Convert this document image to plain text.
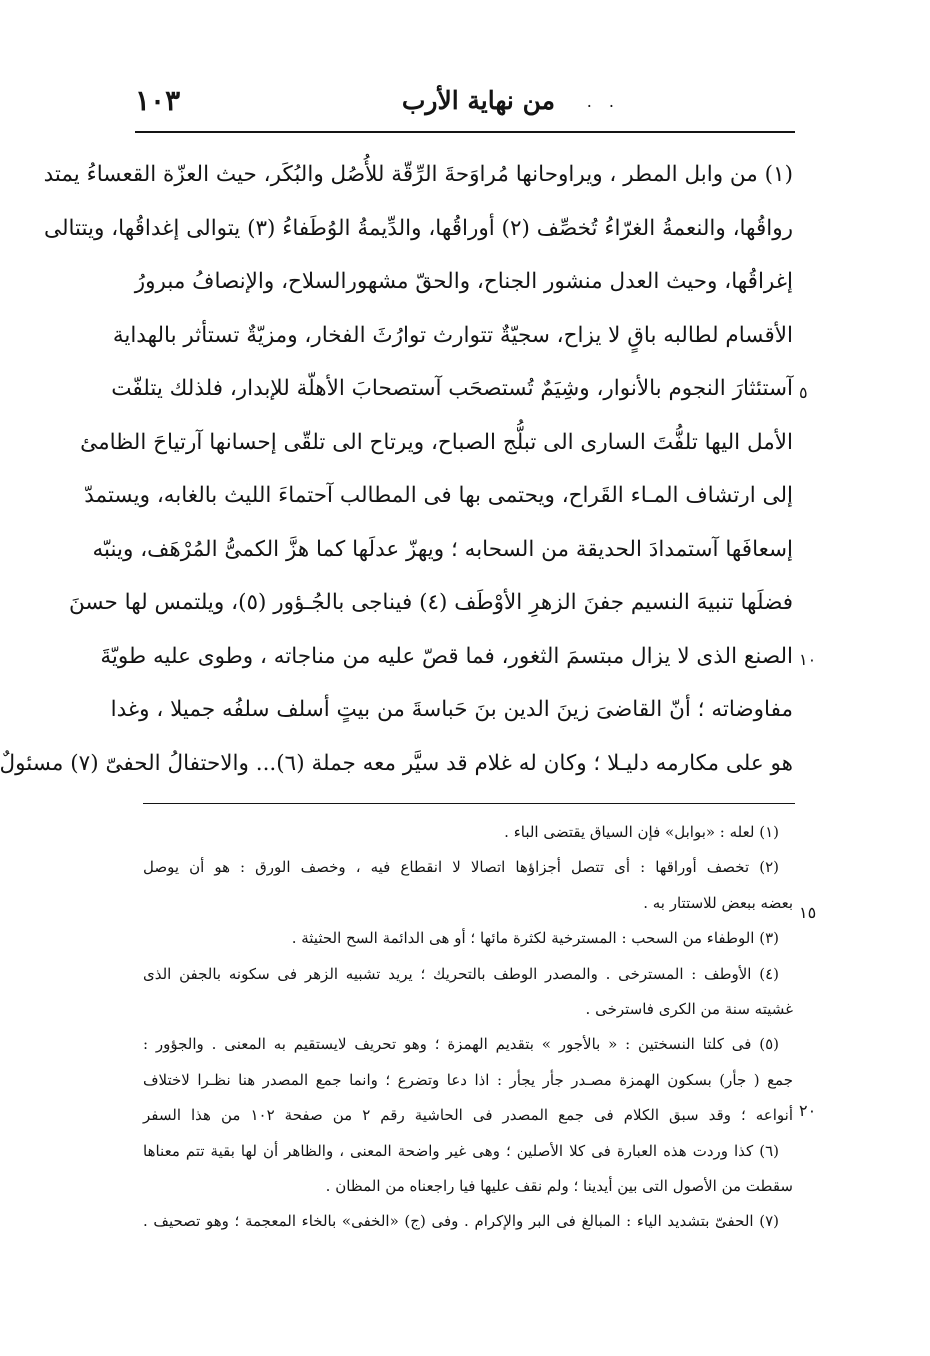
من نهاية الأرب . .
١٠٣
(١) من وابل المطر ، ويراوحانها مُراوَحةَ الرِّقّة للأُصُل والبُكَر، حيث العزّة القعساءُ يمتد
رواقُها، والنعمةُ الغرّاءُ تُخصِّف (٢) أوراقُها، والدِّيمةُ الوُطَفاءُ (٣) يتوالى إغداقُها، ويتتالى
إغراقُها، وحيث العدل منشور الجناح، والحقّ مشهورالسلاح، والإنصافُ مبرورُ
الأقسام لطالبه باقٍ لا يزاح، سجيّةٌ تتوارث توارُثَ الفخار، ومزيّةٌ تستأثر بالهداية
آستئثارَ النجوم بالأنوار، وشِيَمٌ تُستصحَب آستصحابَ الأهلّة للإبدار، فلذلك يتلفّت
الأمل اليها تلفُّتَ السارى الى تبلُّج الصباح، ويرتاح الى تلقّى إحسانها آرتياحَ الظامئ
إلى ارتشاف المـاء القَراح، ويحتمى بها فى المطالب آحتماءَ الليث بالغابه، ويستمدّ
إسعافَها آستمدادَ الحديقة من السحابه ؛ ويهزّ عدلَها كما هزَّ الكمىُّ المُرْهَف، وينبّه
فضلَها تنبيهَ النسيم جفنَ الزهرِ الأوْطَف (٤) فيناجى بالجُـؤور (٥)، ويلتمس لها حسنَ
الصنع الذى لا يزال مبتسمَ الثغور، فما قصّ عليه من مناجاته ، وطوى عليه طويّةَ
مفاوضاته ؛ أنّ القاضىَ زينَ الدين بنَ حَباسةَ من بيتٍ أسلف سلفُه جميلا ، وغدا
هو على مكارمه دليـلا ؛ وكان له غلام قد سيَّر معه جملة (٦)... والاحتفالُ الحفىّ (٧) مسئولٌ
٥
١٠
١٥
٢٠
(١) لعله : «بوابل» فإن السياق يقتضى الباء .
(٢) تخصف أوراقها : أى تتصل أجزاؤها اتصالا لا انقطاع فيه ، وخصف الورق : هو أن يوصل
بعضه ببعض للاستتار به .
(٣) الوطفاء من السحب : المسترخية لكثرة مائها ؛ أو هى الدائمة السح الحثيثة .
(٤) الأوطف : المسترخى . والمصدر الوطف بالتحريك ؛ يريد تشبيه الزهر فى سكونه بالجفن الذى
غشيته سنة من الكرى فاسترخى .
(٥) فى كلتا النسختين : « بالأجور » بتقديم الهمزة ؛ وهو تحريف لايستقيم به المعنى . والجؤور :
جمع ( جأر) بسكون الهمزة مصـدر جأر يجأر : اذا دعا وتضرع ؛ وانما جمع المصدر هنا نظـرا لاختلاف
أنواعه ؛ وقد سبق الكلام فى جمع المصدر فى الحاشية رقم ٢ من صفحة ١٠٢ من هذا السفر
(٦) كذا وردت هذه العبارة فى كلا الأصلين ؛ وهى غير واضحة المعنى ، والظاهر أن لها بقية تتم معناها
سقطت من الأصول التى بين أيدينا ؛ ولم نقف عليها فيا راجعناه من المظان .
(٧) الحفىّ بتشديد الياء : المبالغ فى البر والإكرام . وفى (ج) «الخفى» بالخاء المعجمة ؛ وهو تصحيف .
